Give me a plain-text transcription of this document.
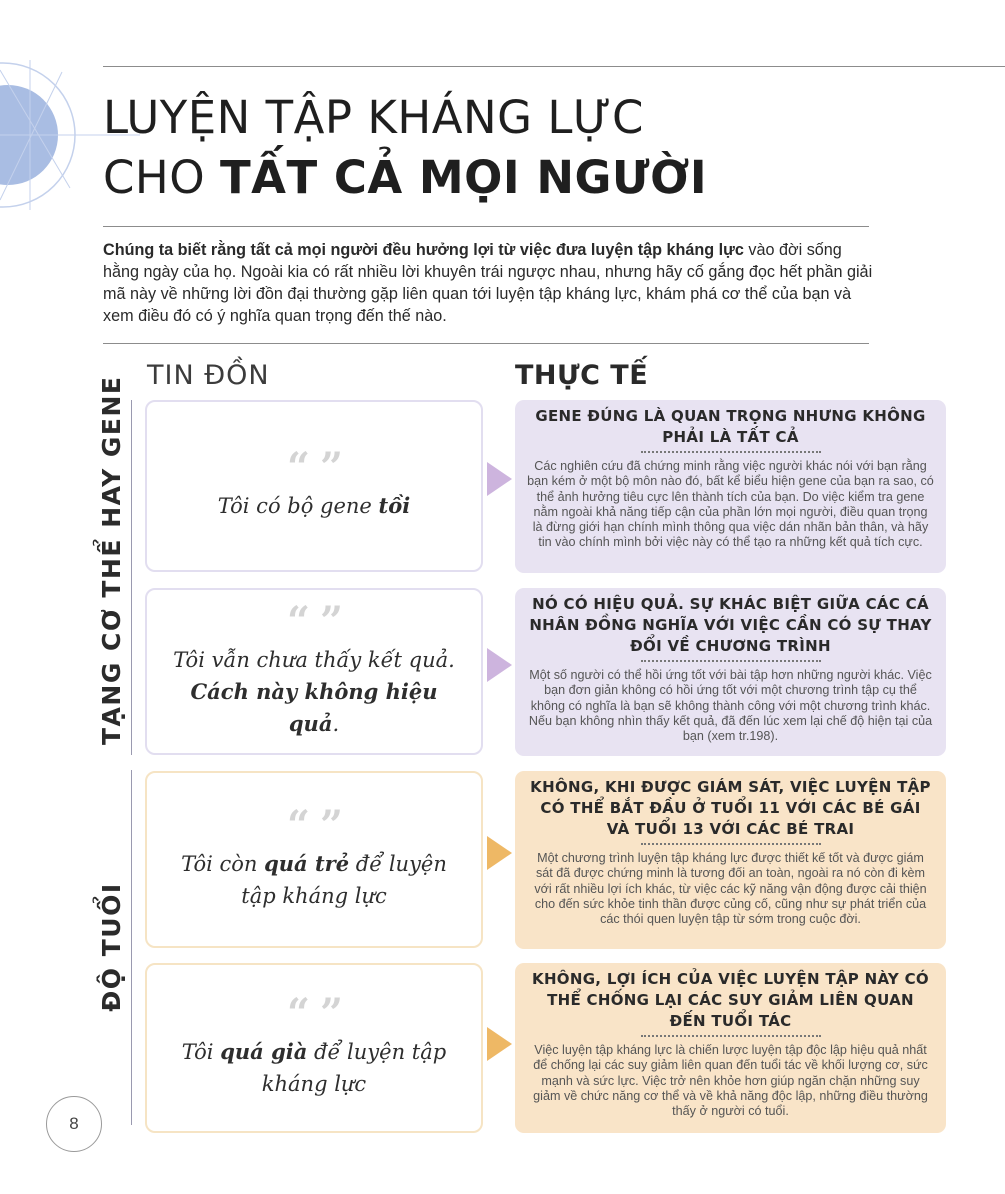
LUYỆN TẬP KHÁNG LỰC
CHO TẤT CẢ MỌI NGƯỜI

Chúng ta biết rằng tất cả mọi người đều hưởng lợi từ việc đưa luyện tập kháng lực vào đời sống hằng ngày của họ. Ngoài kia có rất nhiều lời khuyên trái ngược nhau, nhưng hãy cố gắng đọc hết phần giải mã này về những lời đồn đại thường gặp liên quan tới luyện tập kháng lực, khám phá cơ thể của bạn và xem điều đó có ý nghĩa quan trọng đến thế nào.

TIN ĐỒN	THỰC TẾ
TẠNG CƠ THỂ HAY GENE
ĐỘ TUỔI
“ ”
Tôi có bộ gene tồi
GENE ĐÚNG LÀ QUAN TRỌNG NHƯNG KHÔNG PHẢI LÀ TẤT CẢ
Các nghiên cứu đã chứng minh rằng việc người khác nói với bạn rằng bạn kém ở một bộ môn nào đó, bất kể biểu hiện gene của bạn ra sao, có thể ảnh hưởng tiêu cực lên thành tích của bạn. Do việc kiểm tra gene nằm ngoài khả năng tiếp cận của phần lớn mọi người, điều quan trọng là đừng giới hạn chính mình thông qua việc dán nhãn bản thân, và hãy tin vào chính mình bởi việc này có thể tạo ra những kết quả tích cực.
“ ”
Tôi vẫn chưa thấy kết quả.
Cách này không hiệu quả.
NÓ CÓ HIỆU QUẢ. SỰ KHÁC BIỆT GIỮA CÁC CÁ NHÂN ĐỒNG NGHĨA VỚI VIỆC CẦN CÓ SỰ THAY ĐỔI VỀ CHƯƠNG TRÌNH
Một số người có thể hồi ứng tốt với bài tập hơn những người khác. Việc bạn đơn giản không có hồi ứng tốt với một chương trình tập cụ thể không có nghĩa là bạn sẽ không thành công với một chương trình khác. Nếu bạn không nhìn thấy kết quả, đã đến lúc xem lại chế độ hiện tại của bạn (xem tr.198).
“ ”
Tôi còn quá trẻ để luyện tập kháng lực
KHÔNG, KHI ĐƯỢC GIÁM SÁT, VIỆC LUYỆN TẬP CÓ THỂ BẮT ĐẦU Ở TUỔI 11 VỚI CÁC BÉ GÁI VÀ TUỔI 13 VỚI CÁC BÉ TRAI
Một chương trình luyện tập kháng lực được thiết kế tốt và được giám sát đã được chứng minh là tương đối an toàn, ngoài ra nó còn đi kèm với rất nhiều lợi ích khác, từ việc các kỹ năng vận động được cải thiện cho đến sức khỏe tinh thần được củng cố, cũng như sự phát triển của các thói quen luyện tập từ sớm trong cuộc đời.
“ ”
Tôi quá già để luyện tập kháng lực
KHÔNG, LỢI ÍCH CỦA VIỆC LUYỆN TẬP NÀY CÓ THỂ CHỐNG LẠI CÁC SUY GIẢM LIÊN QUAN ĐẾN TUỔI TÁC
Việc luyện tập kháng lực là chiến lược luyện tập độc lập hiệu quả nhất để chống lại các suy giảm liên quan đến tuổi tác về khối lượng cơ, sức mạnh và sức lực. Việc trở nên khỏe hơn giúp ngăn chặn những suy giảm về chức năng cơ thể và về khả năng độc lập, những điều thường thấy ở người có tuổi.
8
